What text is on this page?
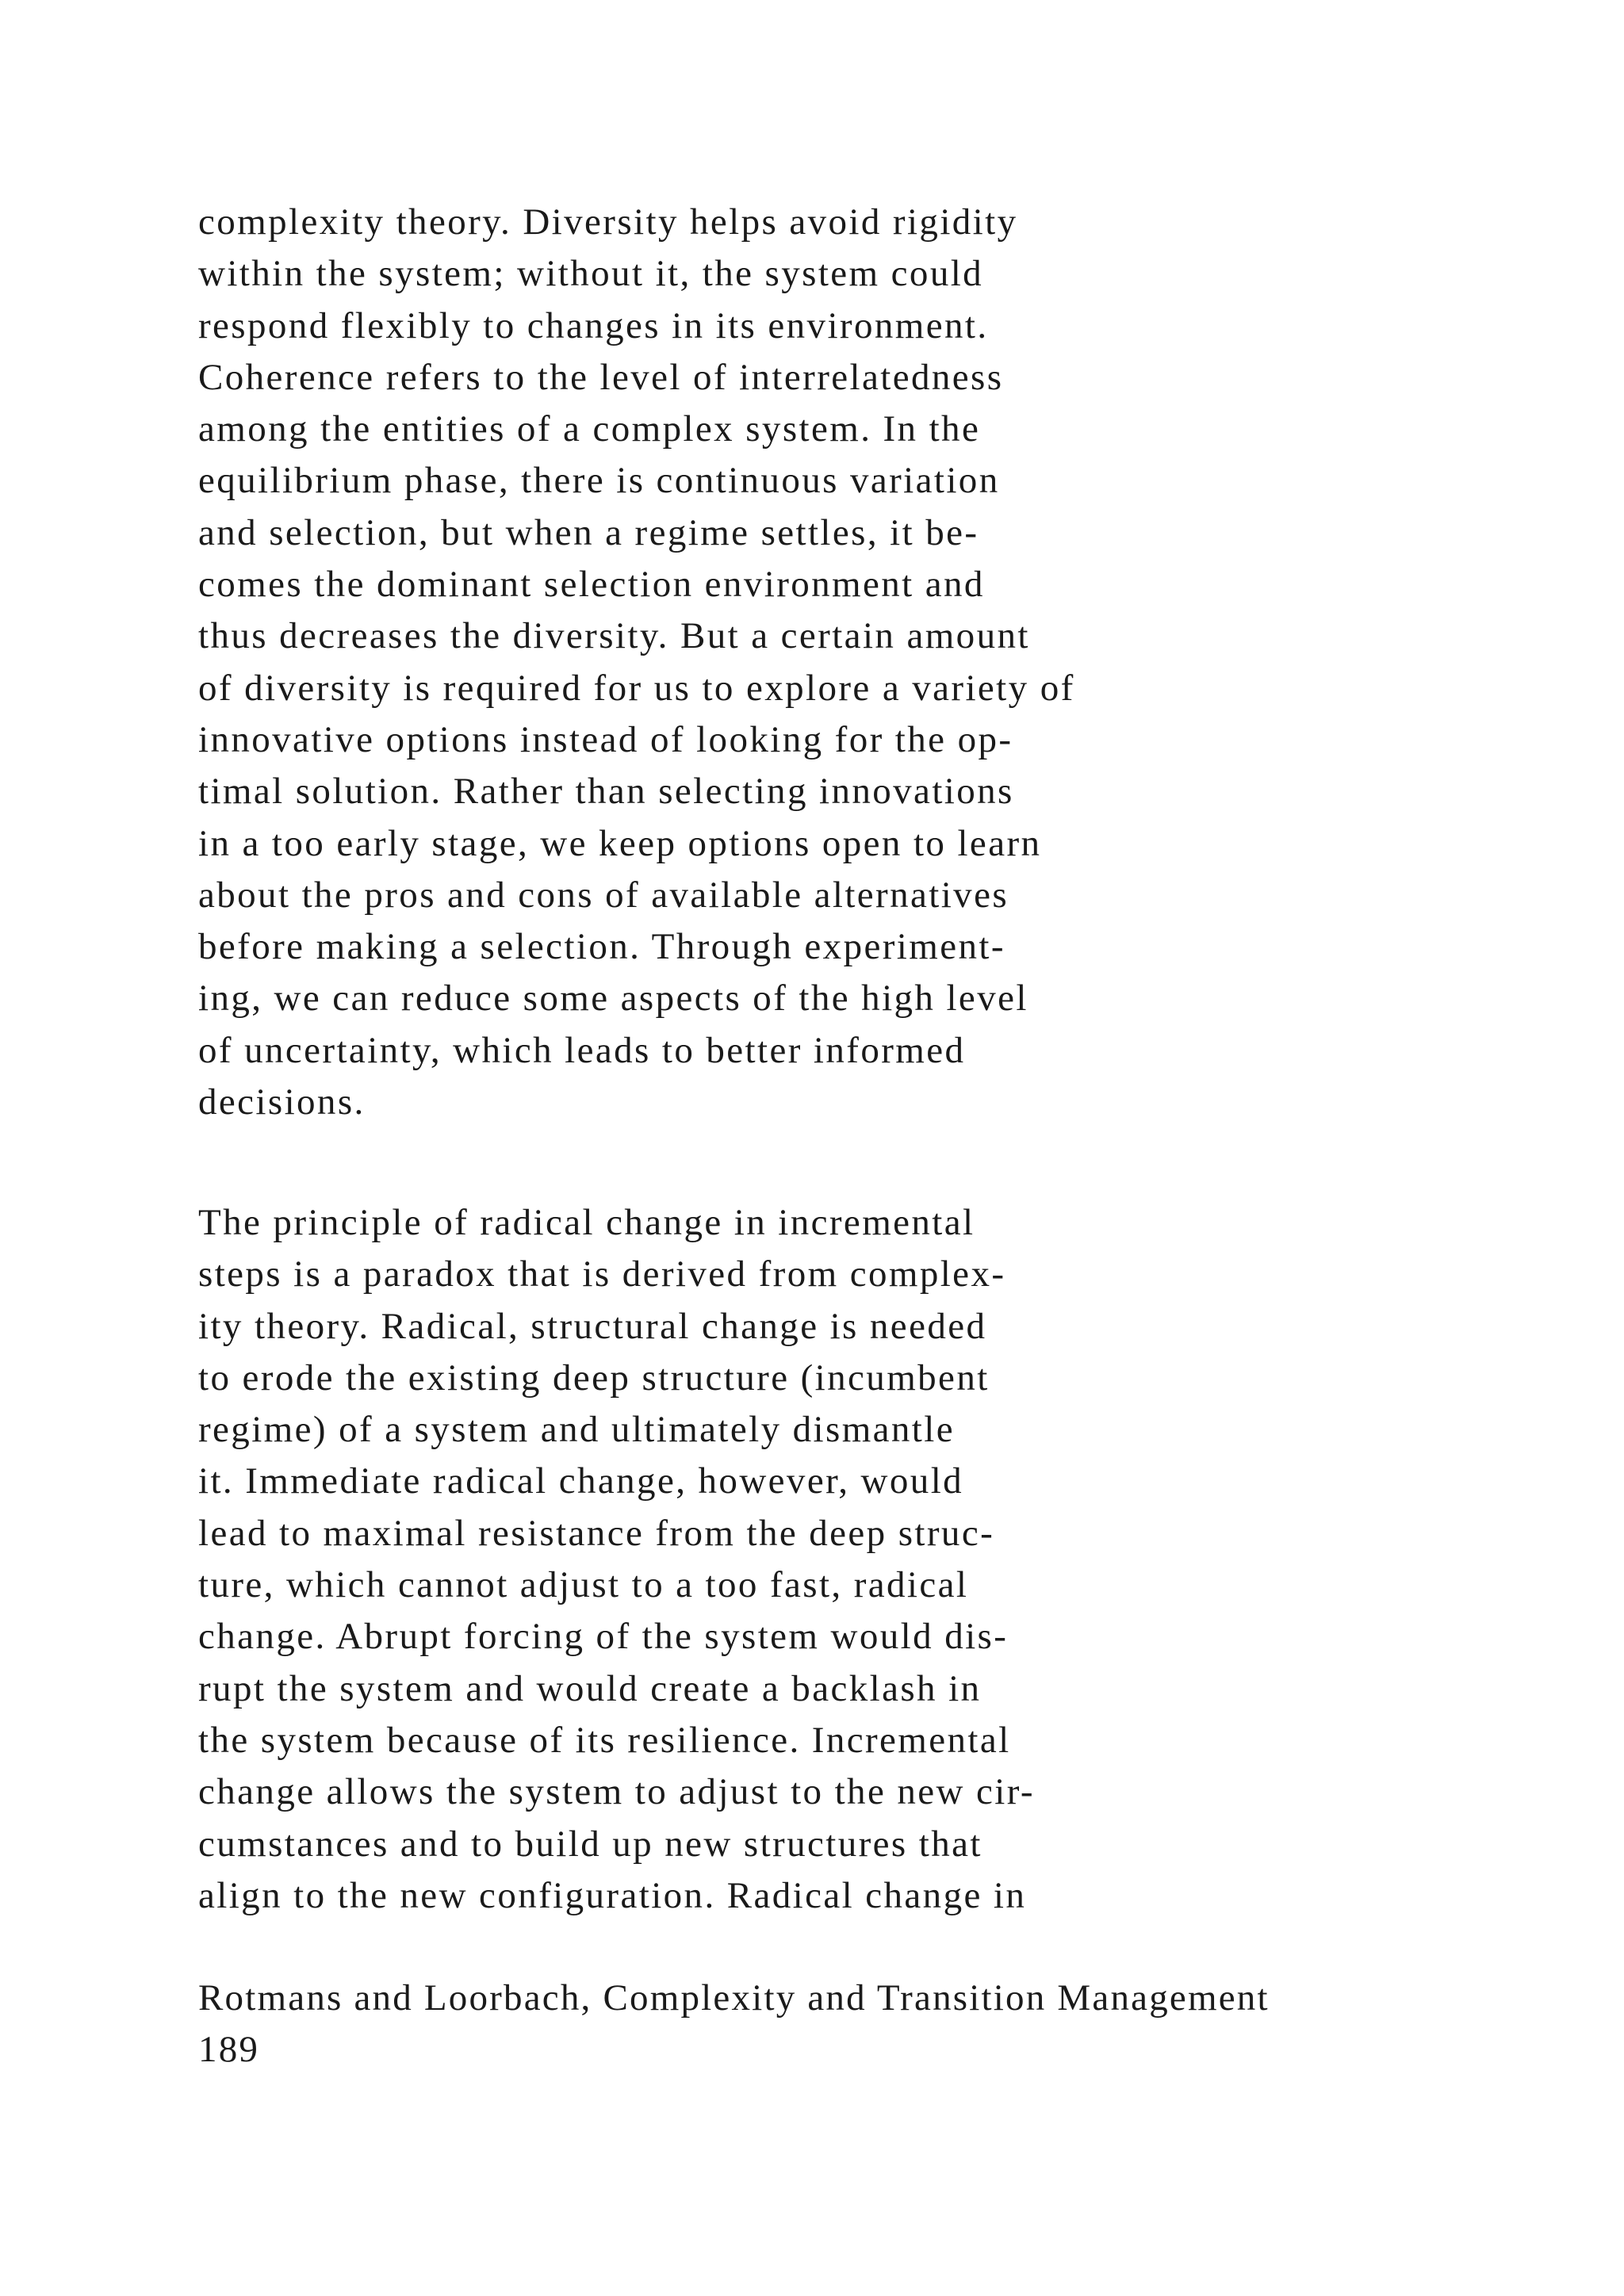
complexity theory. Diversity helps avoid rigidity
within the system; without it, the system could
respond flexibly to changes in its environment.
Coherence refers to the level of interrelatedness
among the entities of a complex system. In the
equilibrium phase, there is continuous variation
and selection, but when a regime settles, it be-
comes the dominant selection environment and
thus decreases the diversity. But a certain amount
of diversity is required for us to explore a variety of
innovative options instead of looking for the op-
timal solution. Rather than selecting innovations
in a too early stage, we keep options open to learn
about the pros and cons of available alternatives
before making a selection. Through experiment-
ing, we can reduce some aspects of the high level
of uncertainty, which leads to better informed
decisions.

The principle of radical change in incremental
steps is a paradox that is derived from complex-
ity theory. Radical, structural change is needed
to erode the existing deep structure (incumbent
regime) of a system and ultimately dismantle
it. Immediate radical change, however, would
lead to maximal resistance from the deep struc-
ture, which cannot adjust to a too fast, radical
change. Abrupt forcing of the system would dis-
rupt the system and would create a backlash in
the system because of its resilience. Incremental
change allows the system to adjust to the new cir-
cumstances and to build up new structures that
align to the new configuration. Radical change in

Rotmans and Loorbach, Complexity and Transition Management
189
